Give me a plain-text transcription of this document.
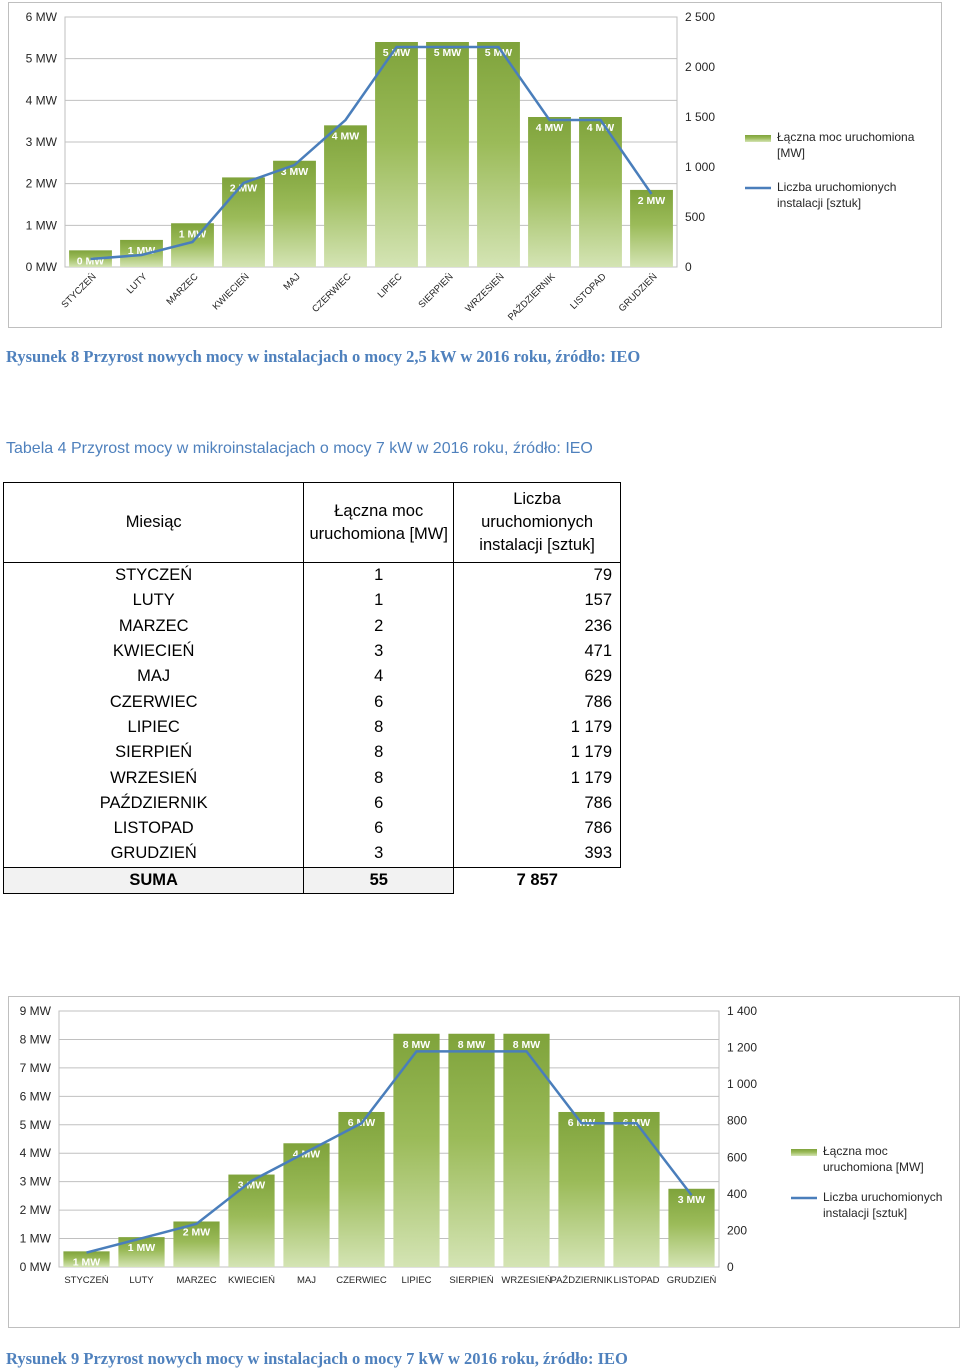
0 MW
1 MW
2 MW
3 MW
4 MW
5 MW
6 MW
0
500
1 000
1 500
2 000
2 500
0 MW
1 MW
1 MW
2 MW
3 MW
4 MW
5 MW 5 MW 5 MW
4 MW 4 MW
2 MW
STYCZEŃ	LUTY MARZEC KWIECIEŃ	MAJ CZERWIEC LIPIEC SIERPIEŃ WRZESIEŃ PAŹDZIERNIK LISTOPAD GRUDZIEŃ
Łączna moc uruchomiona
[MW]
Liczba uruchomionych
instalacji [sztuk]
Rysunek 8 Przyrost nowych mocy w instalacjach o mocy 2,5 kW w 2016 roku, źródło: IEO
Tabela 4 Przyrost mocy w mikroinstalacjach o mocy 7 kW w 2016 roku, źródło: IEO
Miesiąc	Łączna moc uruchomiona [MW]	Liczba uruchomionych instalacji [sztuk]
STYCZEŃ	1	79
LUTY	1	157
MARZEC	2	236
KWIECIEŃ	3	471
MAJ	4	629
CZERWIEC	6	786
LIPIEC	8	1 179
SIERPIEŃ	8	1 179
WRZESIEŃ	8	1 179
PAŹDZIERNIK	6	786
LISTOPAD	6	786
GRUDZIEŃ	3	393
SUMA	55	7 857
0 MW
1 MW
2 MW
3 MW
4 MW
5 MW
6 MW
7 MW
8 MW
9 MW
0
200
400
600
800
1 000
1 200
1 400
1 MW
1 MW
2 MW
3 MW
4 MW
6 MW
8 MW	8 MW	8 MW
6 MW	6 MW
3 MW
STYCZEŃ LUTY MARZEC KWIECIEŃ MAJ CZERWIEC LIPIEC SIERPIEŃ WRZESIEŃ
PAŹDZIERNIK LISTOPAD GRUDZIEŃ
Łączna moc
uruchomiona [MW]
Liczba uruchomionych
instalacji [sztuk]
Rysunek 9 Przyrost nowych mocy w instalacjach o mocy 7 kW w 2016 roku, źródło: IEO
